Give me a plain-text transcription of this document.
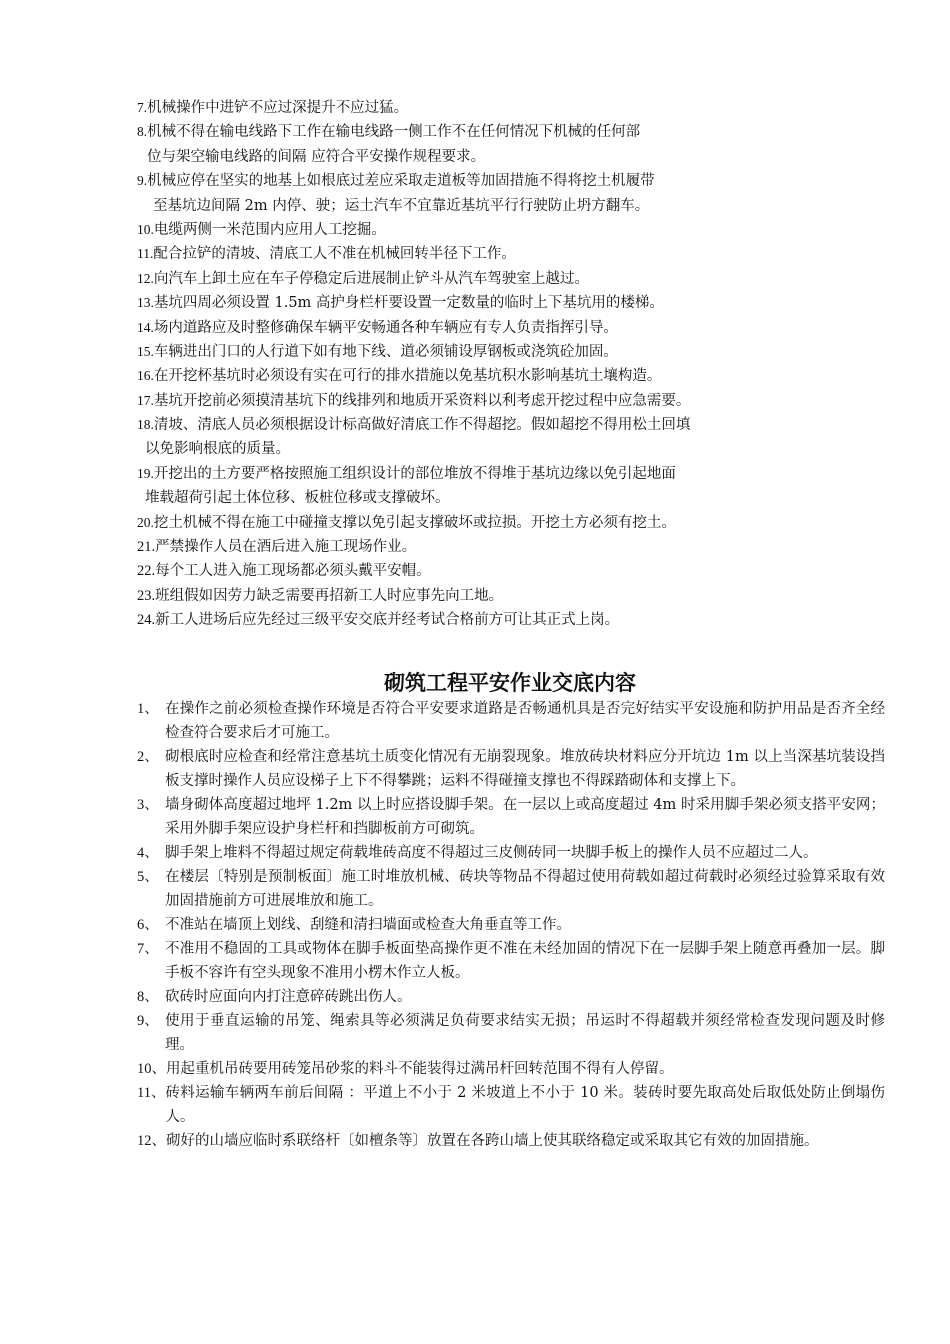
7. 机械操作中进铲不应过深提升不应过猛。
8. 机械不得在输电线路下工作在输电线路一侧工作不在任何情况下机械的任何部
位与架空输电线路的间隔 应符合平安操作规程要求。
9. 机械应停在坚实的地基上如根底过差应采取走道板等加固措施不得将挖土机履带
至基坑边间隔 2m 内停、驶；运土汽车不宜靠近基坑平行行驶防止坍方翻车。
10. 电缆两侧一米范围内应用人工挖掘。
11. 配合拉铲的清坡、清底工人不准在机械回转半径下工作。
12. 向汽车上卸土应在车子停稳定后进展制止铲斗从汽车驾驶室上越过。
13. 基坑四周必须设置 1.5m 高护身栏杆要设置一定数量的临时上下基坑用的楼梯。
14. 场内道路应及时整修确保车辆平安畅通各种车辆应有专人负责指挥引导。
15. 车辆进出门口的人行道下如有地下线、道必须铺设厚钢板或浇筑砼加固。
16. 在开挖杯基坑时必须设有实在可行的排水措施以免基坑积水影响基坑土壤构造。
17. 基坑开挖前必须摸清基坑下的线排列和地质开采资料以利考虑开挖过程中应急需要。
18. 清坡、清底人员必须根据设计标高做好清底工作不得超挖。假如超挖不得用松土回填
以免影响根底的质量。
19. 开挖出的土方要严格按照施工组织设计的部位堆放不得堆于基坑边缘以免引起地面
堆载超荷引起土体位移、板桩位移或支撑破坏。
20. 挖土机械不得在施工中碰撞支撑以免引起支撑破坏或拉损。开挖土方必须有挖土。
21. 严禁操作人员在酒后进入施工现场作业。
22. 每个工人进入施工现场都必须头戴平安帽。
23. 班组假如因劳力缺乏需要再招新工人时应事先向工地。
24. 新工人进场后应先经过三级平安交底并经考试合格前方可让其正式上岗。
砌筑工程平安作业交底内容
1、 在操作之前必须检查操作环境是否符合平安要求道路是否畅通机具是否完好结实平安设施和防护用品是否齐全经检查符合要求后才可施工。
2、 砌根底时应检查和经常注意基坑土质变化情况有无崩裂现象。堆放砖块材料应分开坑边 1m 以上当深基坑装设挡板支撑时操作人员应设梯子上下不得攀跳；运料不得碰撞支撑也不得踩踏砌体和支撑上下。
3、 墙身砌体高度超过地坪 1.2m 以上时应搭设脚手架。在一层以上或高度超过 4m 时采用脚手架必须支搭平安网；采用外脚手架应设护身栏杆和挡脚板前方可砌筑。
4、 脚手架上堆料不得超过规定荷载堆砖高度不得超过三皮侧砖同一块脚手板上的操作人员不应超过二人。
5、 在楼层〔特别是预制板面〕施工时堆放机械、砖块等物品不得超过使用荷载如超过荷载时必须经过验算采取有效加固措施前方可进展堆放和施工。
6、 不准站在墙顶上划线、刮缝和清扫墙面或检查大角垂直等工作。
7、 不准用不稳固的工具或物体在脚手板面垫高操作更不准在未经加固的情况下在一层脚手架上随意再叠加一层。脚手板不容许有空头现象不准用小楞木作立人板。
8、 砍砖时应面向内打注意碎砖跳出伤人。
9、 使用于垂直运输的吊笼、绳索具等必须满足负荷要求结实无损；吊运时不得超载并须经常检查发现问题及时修理。
10、 用起重机吊砖要用砖笼吊砂浆的料斗不能装得过满吊杆回转范围不得有人停留。
11、 砖料运输车辆两车前后间隔 ：平道上不小于 2 米坡道上不小于 10 米。装砖时要先取高处后取低处防止倒塌伤人。
12、 砌好的山墙应临时系联络杆〔如檀条等〕放置在各跨山墙上使其联络稳定或采取其它有效的加固措施。
